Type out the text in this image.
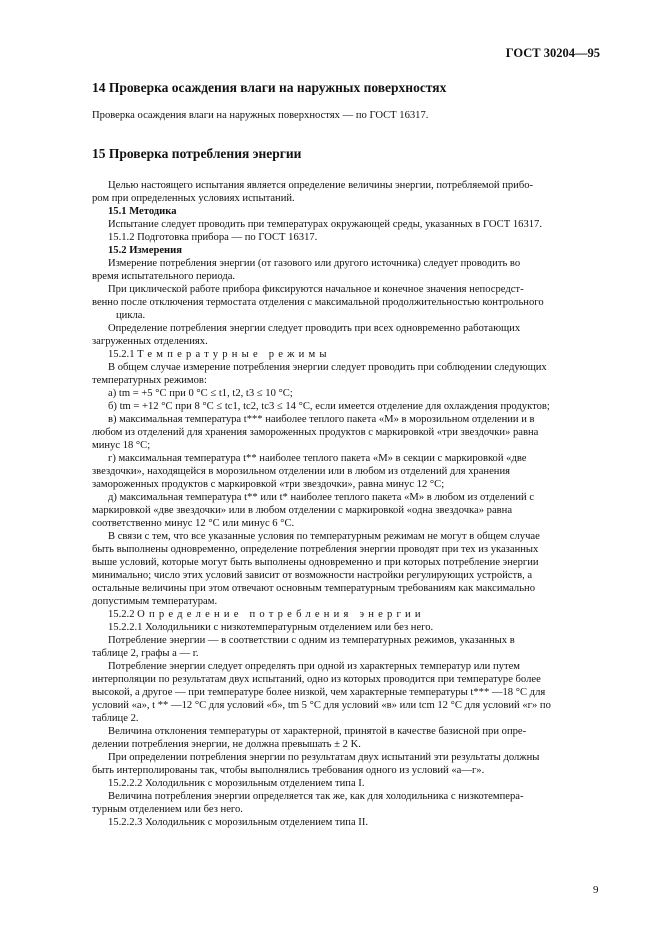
ГОСТ 30204—95
14 Проверка осаждения влаги на наружных поверхностях
Проверка осаждения влаги на наружных поверхностях — по ГОСТ 16317.
15 Проверка потребления энергии
Целью настоящего испытания является определение величины энергии, потребляемой прибо-
ром при определенных условиях испытаний.
15.1 Методика
Испытание следует проводить при температурах окружающей среды, указанных в ГОСТ 16317.
15.1.2 Подготовка прибора — по ГОСТ 16317.
15.2 Измерения
Измерение потребления энергии (от газового или другого источника) следует проводить во
время испытательного периода.
При циклической работе прибора фиксируются начальное и конечное значения непосредст-
венно после отключения термостата отделения с максимальной продолжительностью контрольного
цикла.
Определение потребления энергии следует проводить при всех одновременно работающих
загруженных отделениях.
15.2.1 Температурные режимы
В общем случае измерение потребления энергии следует проводить при соблюдении следующих
температурных режимов:
а) tm = +5 °С при 0 °С ≤ t1, t2, t3 ≤ 10 °С;
б) tm = +12 °С при 8 °С ≤ tc1, tc2, tc3 ≤ 14 °С, если имеется отделение для охлаждения продуктов;
в) максимальная температура t*** наиболее теплого пакета «М» в морозильном отделении и в
любом из отделений для хранения замороженных продуктов с маркировкой «три звездочки» равна
минус 18 °С;
г) максимальная температура t** наиболее теплого пакета «М» в секции с маркировкой «две
звездочки», находящейся в морозильном отделении или в любом из отделений для хранения
замороженных продуктов с маркировкой «три звездочки», равна минус 12 °С;
д) максимальная температура t** или t* наиболее теплого пакета «М» в любом из отделений с
маркировкой «две звездочки» или в любом отделении с маркировкой «одна звездочка» равна
соответственно минус 12 °С или минус 6 °С.
В связи с тем, что все указанные условия по температурным режимам не могут в общем случае
быть выполнены одновременно, определение потребления энергии проводят при тех из указанных
выше условий, которые могут быть выполнены одновременно и при которых потребление энергии
минимально; число этих условий зависит от возможности настройки регулирующих устройств, а
остальные величины при этом отвечают основным температурным требованиям как максимально
допустимым температурам.
15.2.2 Определение потребления энергии
15.2.2.1 Холодильники с низкотемпературным отделением или без него.
Потребление энергии — в соответствии с одним из температурных режимов, указанных в
таблице 2, графы а — г.
Потребление энергии следует определять при одной из характерных температур или путем
интерполяции по результатам двух испытаний, одно из которых проводится при температуре более
высокой, а другое — при температуре более низкой, чем характерные температуры t*** —18 °С для
условий «а», t ** —12 °С для условий «б», tm 5 °С для условий «в» или tcm 12 °С для условий «г» по
таблице 2.
Величина отклонения температуры от характерной, принятой в качестве базисной при опре-
делении потребления энергии, не должна превышать ± 2 K.
При определении потребления энергии по результатам двух испытаний эти результаты должны
быть интерполированы так, чтобы выполнялись требования одного из условий «а—г».
15.2.2.2 Холодильник с морозильным отделением типа I.
Величина потребления энергии определяется так же, как для холодильника с низкотемпера-
турным отделением или без него.
15.2.2.3 Холодильник с морозильным отделением типа II.
9
